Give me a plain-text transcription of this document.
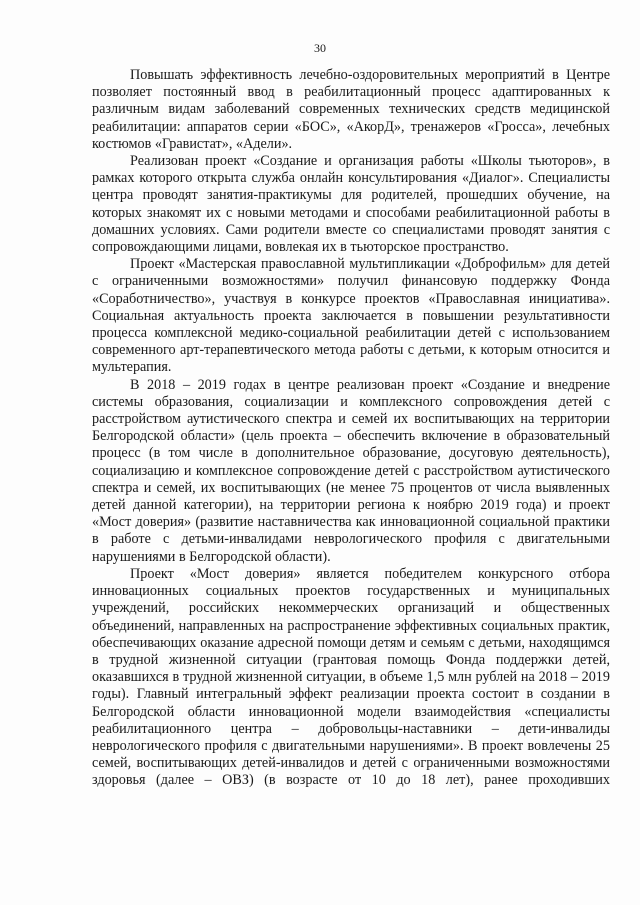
30

Повышать эффективность лечебно-оздоровительных мероприятий в Центре позволяет постоянный ввод в реабилитационный процесс адаптированных к различным видам заболеваний современных технических средств медицинской реабилитации: аппаратов серии «БОС», «АкорД», тренажеров «Гросса», лечебных костюмов «Гравистат», «Адели».

Реализован проект «Создание и организация работы «Школы тьюторов», в рамках которого открыта служба онлайн консультирования «Диалог». Специалисты центра проводят занятия-практикумы для родителей, прошедших обучение, на которых знакомят их с новыми методами и способами реабилитационной работы в домашних условиях. Сами родители вместе со специалистами проводят занятия с сопровождающими лицами, вовлекая их в тьюторское пространство.

Проект «Мастерская православной мультипликации «Доброфильм» для детей с ограниченными возможностями» получил финансовую поддержку Фонда «Соработничество», участвуя в конкурсе проектов «Православная инициатива». Социальная актуальность проекта заключается в повышении результативности процесса комплексной медико-социальной реабилитации детей с использованием современного арт-терапевтического метода работы с детьми, к которым относится и мультерапия.

В 2018 – 2019 годах в центре реализован проект «Создание и внедрение системы образования, социализации и комплексного сопровождения детей с расстройством аутистического спектра и семей их воспитывающих на территории Белгородской области» (цель проекта – обеспечить включение в образовательный процесс (в том числе в дополнительное образование, досуговую деятельность), социализацию и комплексное сопровождение детей с расстройством аутистического спектра и семей, их воспитывающих (не менее 75 процентов от числа выявленных детей данной категории), на территории региона к ноябрю 2019 года) и проект «Мост доверия» (развитие наставничества как инновационной социальной практики в работе с детьми-инвалидами неврологического профиля с двигательными нарушениями в Белгородской области).

Проект «Мост доверия» является победителем конкурсного отбора инновационных социальных проектов государственных и муниципальных учреждений, российских некоммерческих организаций и общественных объединений, направленных на распространение эффективных социальных практик, обеспечивающих оказание адресной помощи детям и семьям с детьми, находящимся в трудной жизненной ситуации (грантовая помощь Фонда поддержки детей, оказавшихся в трудной жизненной ситуации, в объеме 1,5 млн рублей на 2018 – 2019 годы). Главный интегральный эффект реализации проекта состоит в создании в Белгородской области инновационной модели взаимодействия «специалисты реабилитационного центра – добровольцы-наставники – дети-инвалиды неврологического профиля с двигательными нарушениями». В проект вовлечены 25 семей, воспитывающих детей-инвалидов и детей с ограниченными возможностями здоровья (далее – ОВЗ) (в возрасте от 10 до 18 лет), ранее проходивших
